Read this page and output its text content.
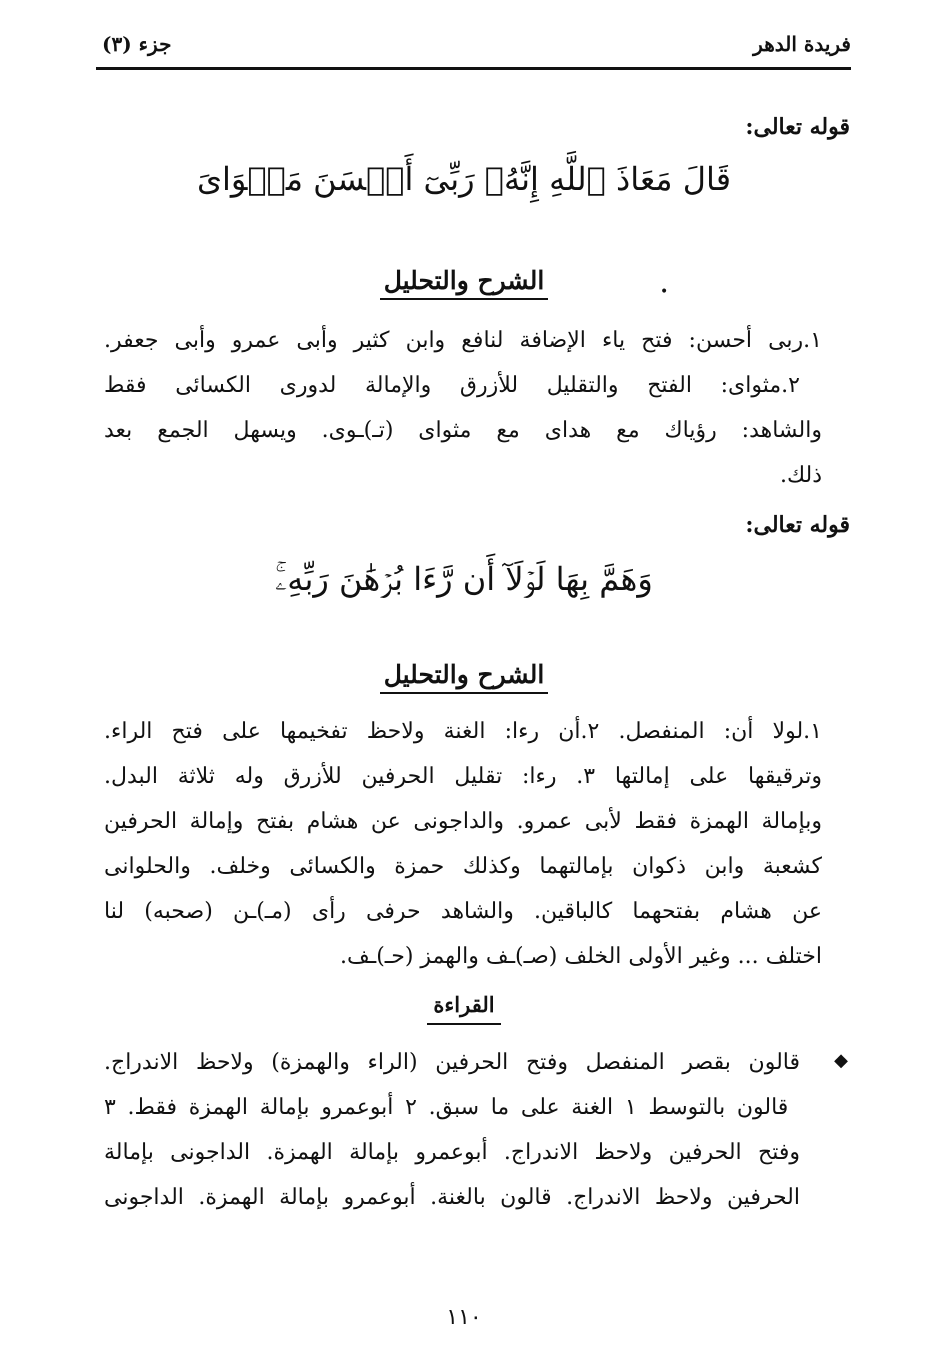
فريدة الدهر
جزء (٣)
قوله تعالى:
قَالَ مَعَاذَ ٱللَّهِ إِنَّهُۥ رَبِّىٓ أَحۡسَنَ مَثۡوَاىَ
الشرح والتحليل	•
١.ربى أحسن: فتح ياء الإضافة لنافع وابن كثير وأبى عمرو وأبى جعفر.
٢.مثواى: الفتح والتقليل للأزرق والإمالة لدورى الكسائى فقط
والشاهد: رؤياك مع هداى مع مثواى (تـ)ـوى. ويسهل الجمع بعد
ذلك.
قوله تعالى:
وَهَمَّ بِهَا لَوۡلَآ أَن رَّءَا بُرۡهَٰنَ رَبِّهِۦۚ
الشرح والتحليل
١.لولا أن: المنفصل. ٢.أن رءا: الغنة ولاحظ تفخيمها على فتح الراء.
وترقيقها على إمالتها ٣. رءا: تقليل الحرفين للأزرق وله ثلاثة البدل.
وبإمالة الهمزة فقط لأبى عمرو. والداجونى عن هشام بفتح وإمالة الحرفين
كشعبة وابن ذكوان بإمالتهما وكذلك حمزة والكسائى وخلف. والحلوانى
عن هشام بفتحهما كالباقين. والشاهد حرفى رأى (مـ)ـن (صحبه) لنا
اختلف ... وغير الأولى الخلف (صـ)ـف والهمز (حـ)ـف.
القراءة
◆
قالون بقصر المنفصل وفتح الحرفين (الراء والهمزة) ولاحظ الاندراج.
ٰ قالون بالتوسط ١ الغنة على ما سبق. ٢ أبوعمرو بإمالة الهمزة فقط. ٣
وفتح الحرفين ولاحظ الاندراج. أبوعمرو بإمالة الهمزة. الداجونى بإمالة
الحرفين ولاحظ الاندراج. قالون بالغنة. أبوعمرو بإمالة الهمزة. الداجونى
١١٠
